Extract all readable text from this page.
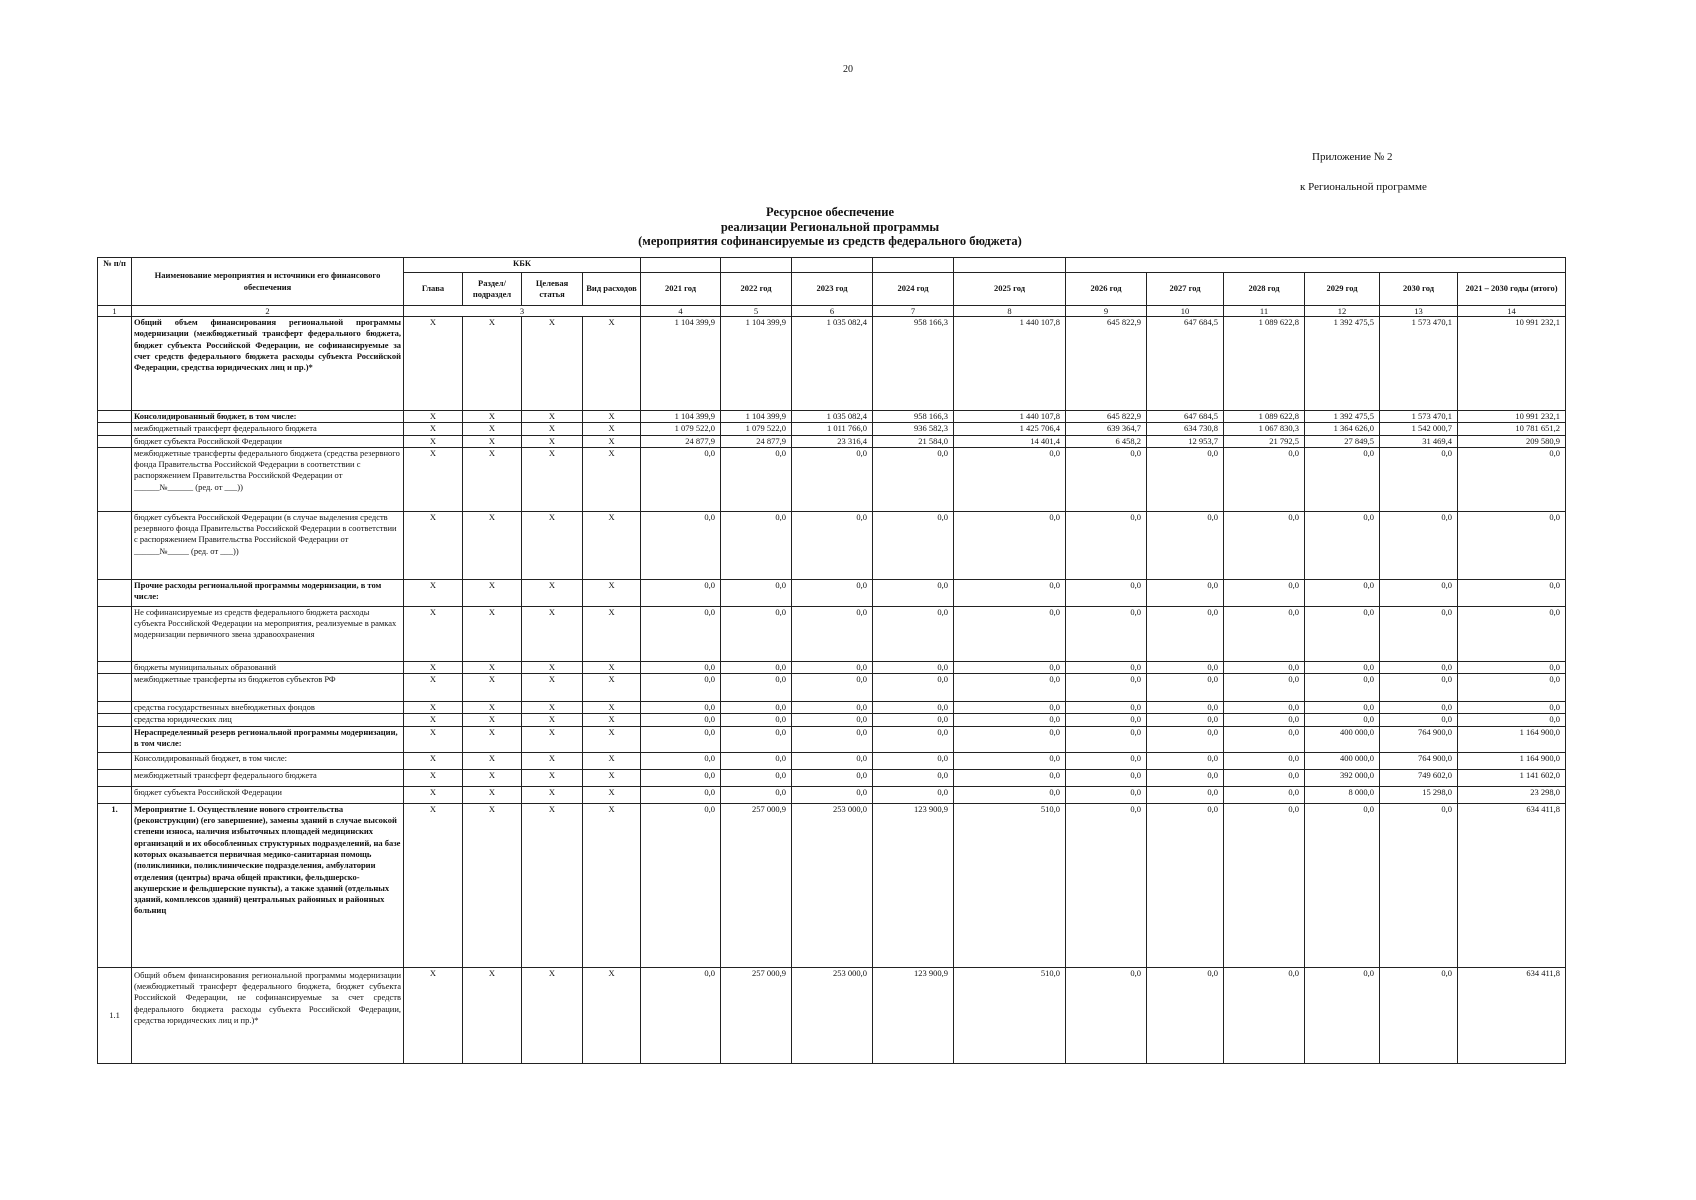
20
Приложение № 2
к Региональной программе
Ресурсное обеспечение
реализации Региональной программы
(мероприятия софинансируемые из средств федерального бюджета)
№ п/п	Наименование мероприятия и источники его финансового обеспечения	КБК														
		Глава	Раздел/ подраздел	Целевая статья	Вид расходов	2021 год	2022 год	2023 год	2024 год	2025 год	2026 год	2027 год	2028 год	2029 год	2030 год	2021 – 2030 годы (итого)
1	2	3				4	5	6	7	8	9	10	11	12	13	14
	Общий объем финансирования региональной программы модернизации (межбюджетный трансферт федерального бюджета, бюджет субъекта Российской Федерации, не софинансируемые за счет средств федерального бюджета расходы субъекта Российской Федерации, средства юридических лиц и пр.)*	X	X	X	X	1 104 399,9	1 104 399,9	1 035 082,4	958 166,3	1 440 107,8	645 822,9	647 684,5	1 089 622,8	1 392 475,5	1 573 470,1	10 991 232,1
	Консолидированный бюджет, в том числе:	X	X	X	X	1 104 399,9	1 104 399,9	1 035 082,4	958 166,3	1 440 107,8	645 822,9	647 684,5	1 089 622,8	1 392 475,5	1 573 470,1	10 991 232,1
	межбюджетный трансферт федерального бюджета	X	X	X	X	1 079 522,0	1 079 522,0	1 011 766,0	936 582,3	1 425 706,4	639 364,7	634 730,8	1 067 830,3	1 364 626,0	1 542 000,7	10 781 651,2
	бюджет субъекта Российской Федерации	X	X	X	X	24 877,9	24 877,9	23 316,4	21 584,0	14 401,4	6 458,2	12 953,7	21 792,5	27 849,5	31 469,4	209 580,9
	межбюджетные трансферты федерального бюджета (средства резервного фонда Правительства Российской Федерации в соответствии с распоряжением Правительства Российской Федерации от ______№______ (ред. от ___))	X	X	X	X	0,0	0,0	0,0	0,0	0,0	0,0	0,0	0,0	0,0	0,0	0,0
	бюджет субъекта Российской Федерации (в случае выделения средств резервного фонда Правительства Российской Федерации в соответствии с распоряжением Правительства Российской Федерации от ______№_____ (ред. от ___))	X	X	X	X	0,0	0,0	0,0	0,0	0,0	0,0	0,0	0,0	0,0	0,0	0,0
	Прочие расходы региональной программы модернизации, в том числе:	X	X	X	X	0,0	0,0	0,0	0,0	0,0	0,0	0,0	0,0	0,0	0,0	0,0
	Не софинансируемые из средств федерального бюджета расходы субъекта Российской Федерации на мероприятия, реализуемые в рамках модернизации первичного звена здравоохранения	X	X	X	X	0,0	0,0	0,0	0,0	0,0	0,0	0,0	0,0	0,0	0,0	0,0
	бюджеты муниципальных образований	X	X	X	X	0,0	0,0	0,0	0,0	0,0	0,0	0,0	0,0	0,0	0,0	0,0
	межбюджетные трансферты из бюджетов субъектов РФ	X	X	X	X	0,0	0,0	0,0	0,0	0,0	0,0	0,0	0,0	0,0	0,0	0,0
	средства государственных внебюджетных фондов	X	X	X	X	0,0	0,0	0,0	0,0	0,0	0,0	0,0	0,0	0,0	0,0	0,0
	средства юридических лиц	X	X	X	X	0,0	0,0	0,0	0,0	0,0	0,0	0,0	0,0	0,0	0,0	0,0
	Нераспределенный резерв региональной программы модернизации, в том числе:	X	X	X	X	0,0	0,0	0,0	0,0	0,0	0,0	0,0	0,0	400 000,0	764 900,0	1 164 900,0
	Консолидированный бюджет, в том числе:	X	X	X	X	0,0	0,0	0,0	0,0	0,0	0,0	0,0	0,0	400 000,0	764 900,0	1 164 900,0
	межбюджетный трансферт федерального бюджета	X	X	X	X	0,0	0,0	0,0	0,0	0,0	0,0	0,0	0,0	392 000,0	749 602,0	1 141 602,0
	бюджет субъекта Российской Федерации	X	X	X	X	0,0	0,0	0,0	0,0	0,0	0,0	0,0	0,0	8 000,0	15 298,0	23 298,0
1.	Мероприятие 1. Осуществление нового строительства (реконструкции) (его завершение), замены зданий в случае высокой степени износа, наличия избыточных площадей медицинских организаций и их обособленных структурных подразделений, на базе которых оказывается первичная медико-санитарная помощь (поликлиники, поликлинические подразделения, амбулатории отделения (центры) врача общей практики, фельдшерско-акушерские и фельдшерские пункты), а также зданий (отдельных зданий, комплексов зданий) центральных районных и районных больниц	X	X	X	X	0,0	257 000,9	253 000,0	123 900,9	510,0	0,0	0,0	0,0	0,0	0,0	634 411,8
1.1	Общий объем финансирования региональной программы модернизации (межбюджетный трансферт федерального бюджета, бюджет субъекта Российской Федерации, не софинансируемые за счет средств федерального бюджета расходы субъекта Российской Федерации, средства юридических лиц и пр.)*	X	X	X	X	0,0	257 000,9	253 000,0	123 900,9	510,0	0,0	0,0	0,0	0,0	0,0	634 411,8
